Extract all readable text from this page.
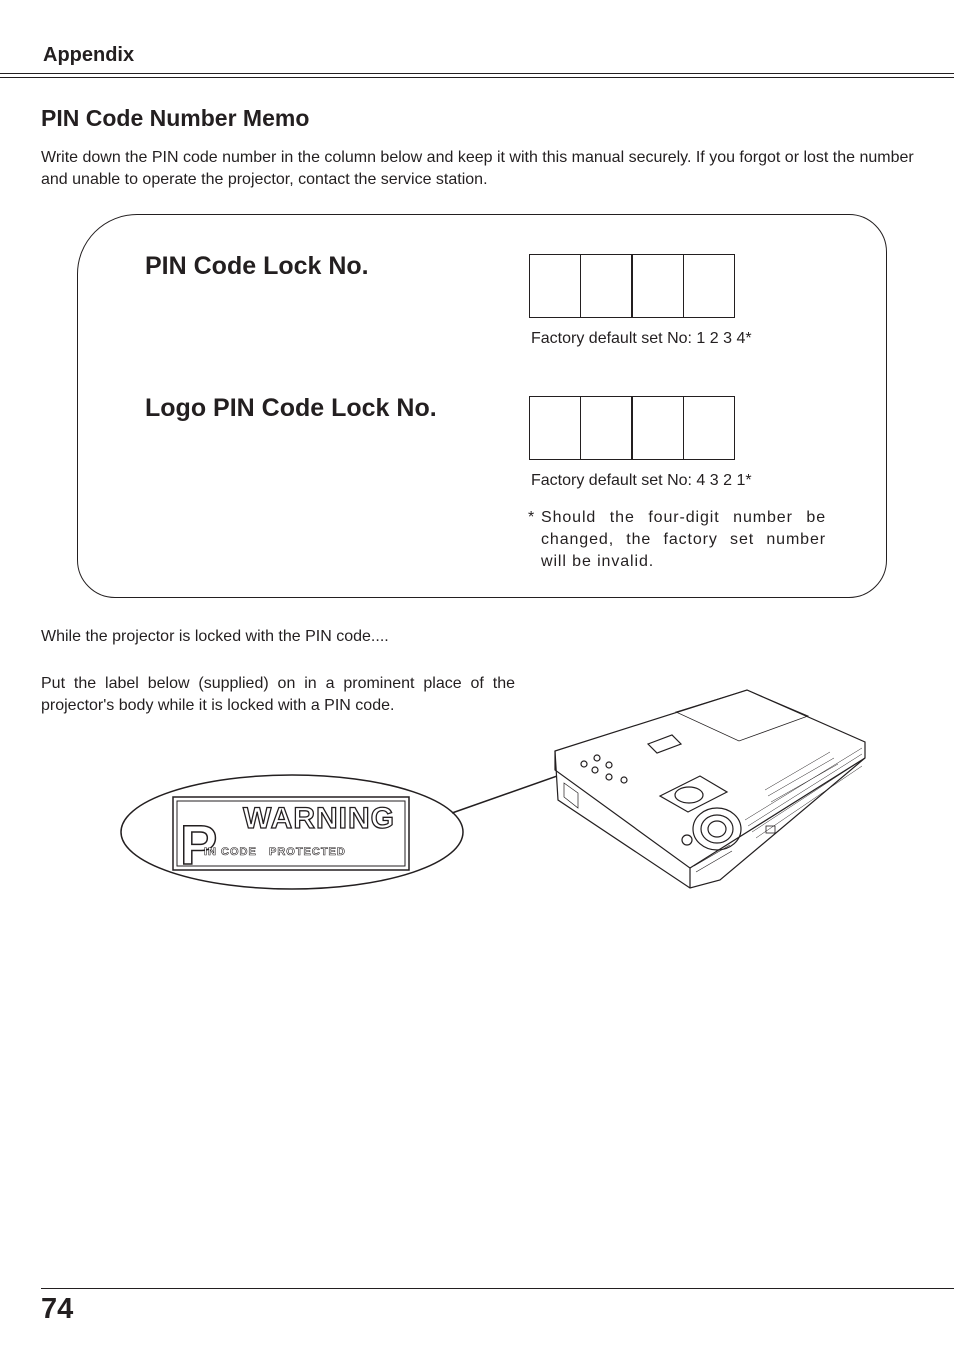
Appendix
PIN Code Number Memo
Write down the PIN code number in the column below and keep it with this manual securely. If you forgot or lost the number and unable to operate the projector, contact the service station.
PIN Code Lock No.
Factory default set No: 1 2 3 4*
Logo PIN Code Lock No.
Factory default set No: 4 3 2 1*
* Should the four-digit number be changed, the factory set number will be invalid.
While the projector is locked with the PIN code....
Put the label below (supplied) on in a prominent place of the projector's body while it is locked with a PIN code.
P WARNING
IN CODE   PROTECTED
74
